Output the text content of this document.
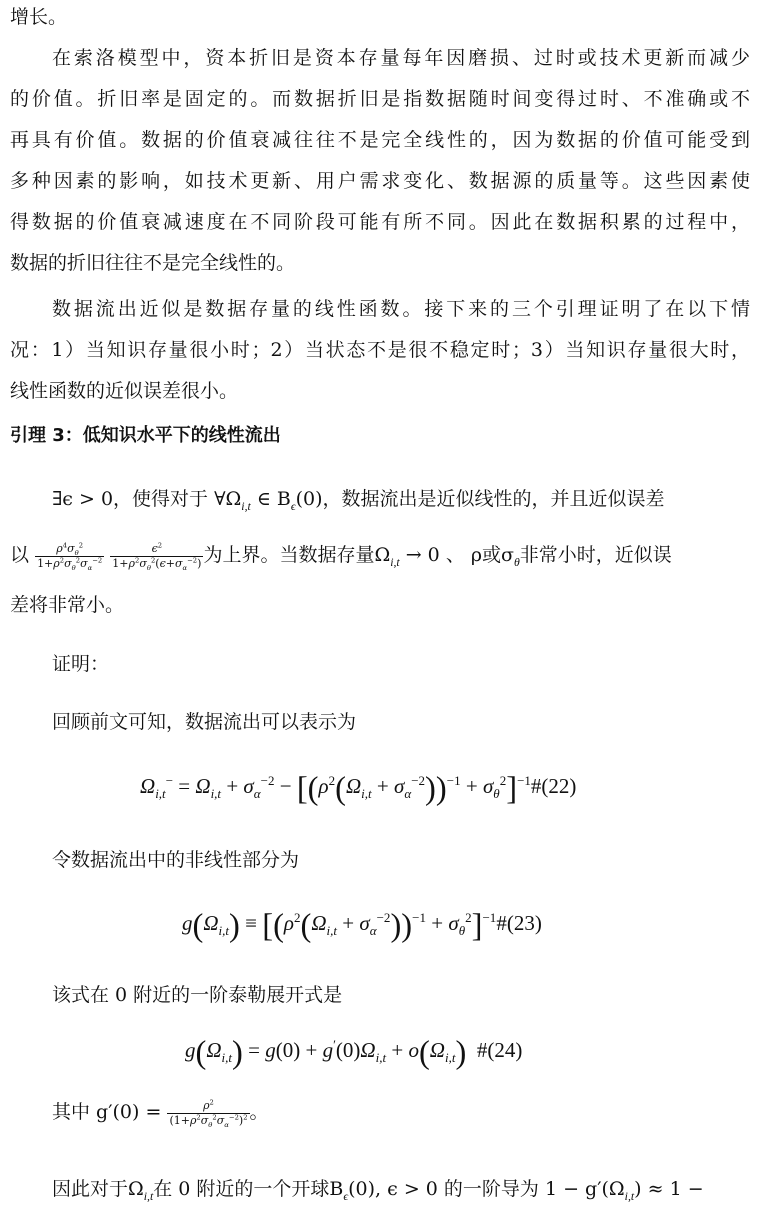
增长。
在索洛模型中，资本折旧是资本存量每年因磨损、过时或技术更新而减少
的价值。折旧率是固定的。而数据折旧是指数据随时间变得过时、不准确或不
再具有价值。数据的价值衰减往往不是完全线性的，因为数据的价值可能受到
多种因素的影响，如技术更新、用户需求变化、数据源的质量等。这些因素使
得数据的价值衰减速度在不同阶段可能有所不同。因此在数据积累的过程中，
数据的折旧往往不是完全线性的。
数据流出近似是数据存量的线性函数。接下来的三个引理证明了在以下情
况：1）当知识存量很小时；2）当状态不是很不稳定时；3）当知识存量很大时，
线性函数的近似误差很小。
引理 3：低知识水平下的线性流出
∃ϵ > 0，使得对于 $\forall\Omega_{i,t}$ ∈ $B_\epsilon(0)$，数据流出是近似线性的，并且近似误差
以 $\frac{\rho^4\sigma_\theta^2}{1+\rho^2\sigma_\theta^2\sigma_\alpha^{-2}}$
$\frac{\epsilon^2}{1+\rho^2\sigma_\theta^2(\epsilon+\sigma_\alpha^{-2})}$ 为上界。当数据存量$\Omega_{i,t} \to 0$ 、 ρ或$\sigma_\theta$非常小时，近似误
差将非常小。
证明：
回顾前文可知，数据流出可以表示为
$\Omega_{i,t}^- = \Omega_{i,t} + \sigma_\alpha^{-2} - [(\rho^2(\Omega_{i,t} + \sigma_\alpha^{-2}))^{-1}$ + $\sigma_\theta^2]^{-1}\#(22)$
令数据流出中的非线性部分为
$g(\Omega_{i,t}) \equiv [(\rho^2(\Omega_{i,t} + \sigma_\alpha^{-2}))^{-1}$ + $\sigma_\theta^2]^{-1}\#(23)$
该式在 0 附近的一阶泰勒展开式是
$g(\Omega_{i,t}) = g(0) + g'(0)\Omega_{i,t} + o(\Omega_{i,t})$ #(24)
其中 $g'(0) = \frac{\rho^2}{(1+\rho^2\sigma_\theta^2\sigma_\alpha^{-2})^2}$ 。
因此对于$\Omega_{i,t}$在 0 附近的一个开球$B_\epsilon(0)$, ϵ > 0 的一阶导为 $1 - g'(\Omega_{i,t}) \approx 1$ −
